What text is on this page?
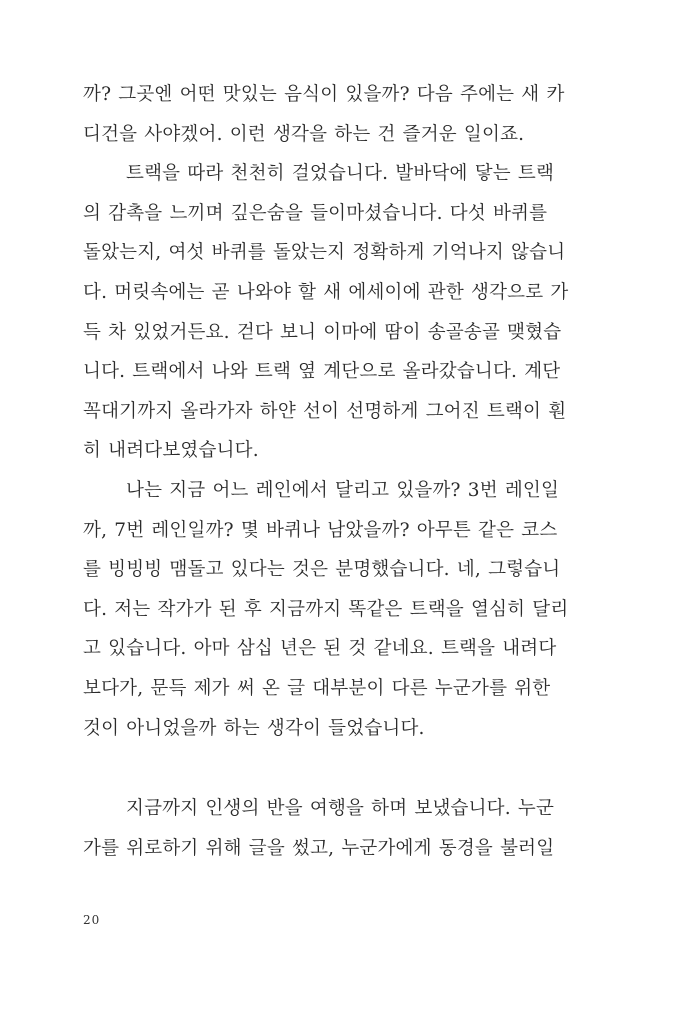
까? 그곳엔 어떤 맛있는 음식이 있을까? 다음 주에는 새 카
디건을 사야겠어. 이런 생각을 하는 건 즐거운 일이죠.
트랙을 따라 천천히 걸었습니다. 발바닥에 닿는 트랙
의 감촉을 느끼며 깊은숨을 들이마셨습니다. 다섯 바퀴를
돌았는지, 여섯 바퀴를 돌았는지 정확하게 기억나지 않습니
다. 머릿속에는 곧 나와야 할 새 에세이에 관한 생각으로 가
득 차 있었거든요. 걷다 보니 이마에 땀이 송골송골 맺혔습
니다. 트랙에서 나와 트랙 옆 계단으로 올라갔습니다. 계단
꼭대기까지 올라가자 하얀 선이 선명하게 그어진 트랙이 훤
히 내려다보였습니다.
나는 지금 어느 레인에서 달리고 있을까? 3번 레인일
까, 7번 레인일까? 몇 바퀴나 남았을까? 아무튼 같은 코스
를 빙빙빙 맴돌고 있다는 것은 분명했습니다. 네, 그렇습니
다. 저는 작가가 된 후 지금까지 똑같은 트랙을 열심히 달리
고 있습니다. 아마 삼십 년은 된 것 같네요. 트랙을 내려다
보다가, 문득 제가 써 온 글 대부분이 다른 누군가를 위한
것이 아니었을까 하는 생각이 들었습니다.
지금까지 인생의 반을 여행을 하며 보냈습니다. 누군
가를 위로하기 위해 글을 썼고, 누군가에게 동경을 불러일
20
